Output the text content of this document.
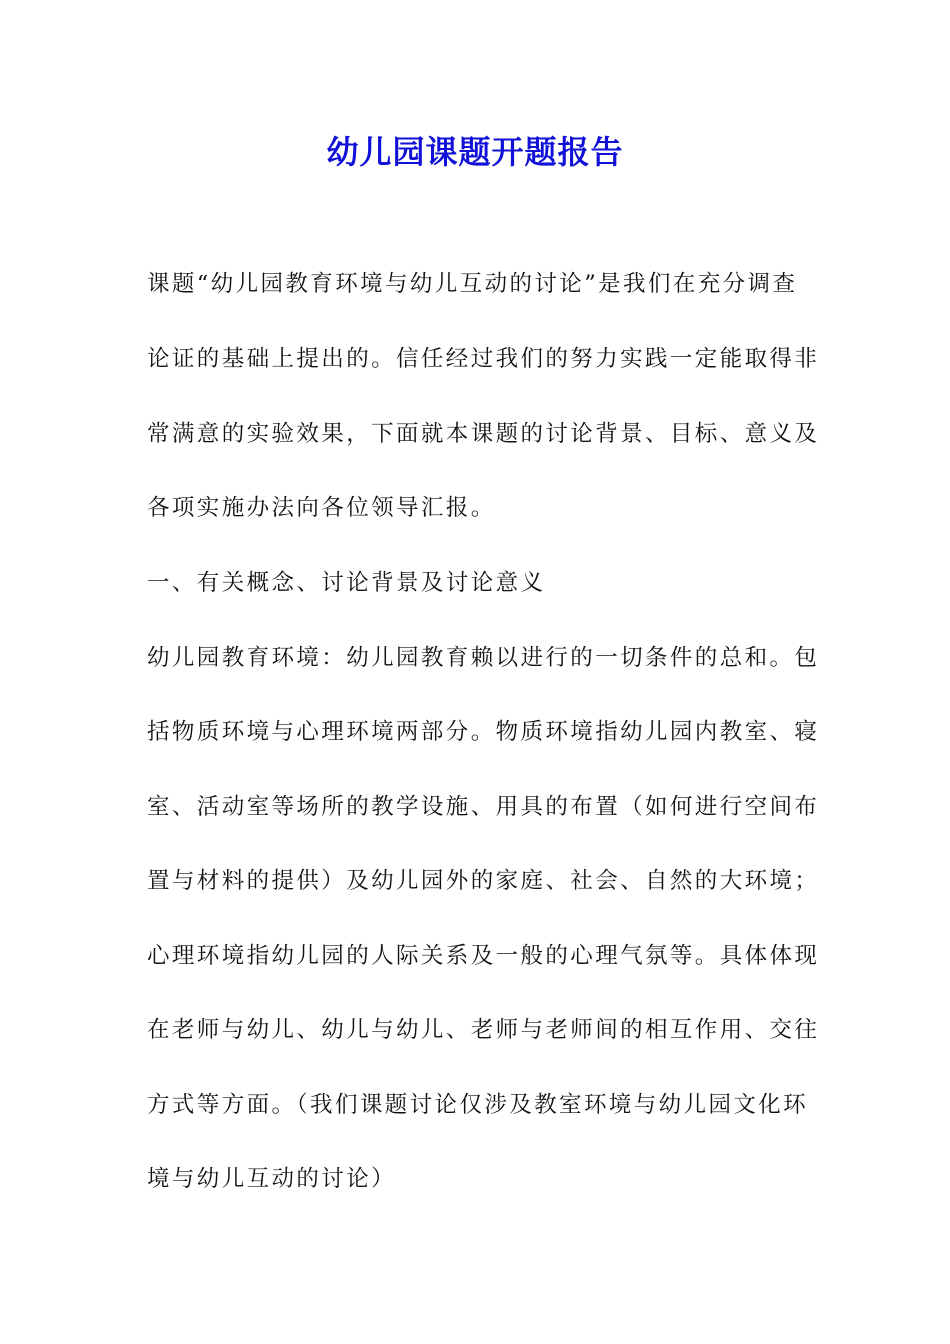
幼儿园课题开题报告
课题“幼儿园教育环境与幼儿互动的讨论”是我们在充分调查
论证的基础上提出的。信任经过我们的努力实践一定能取得非
常满意的实验效果，下面就本课题的讨论背景、目标、意义及
各项实施办法向各位领导汇报。
一、有关概念、讨论背景及讨论意义
幼儿园教育环境：幼儿园教育赖以进行的一切条件的总和。包
括物质环境与心理环境两部分。物质环境指幼儿园内教室、寝
室、活动室等场所的教学设施、用具的布置（如何进行空间布
置与材料的提供）及幼儿园外的家庭、社会、自然的大环境；
心理环境指幼儿园的人际关系及一般的心理气氛等。具体体现
在老师与幼儿、幼儿与幼儿、老师与老师间的相互作用、交往
方式等方面。（我们课题讨论仅涉及教室环境与幼儿园文化环
境与幼儿互动的讨论）
